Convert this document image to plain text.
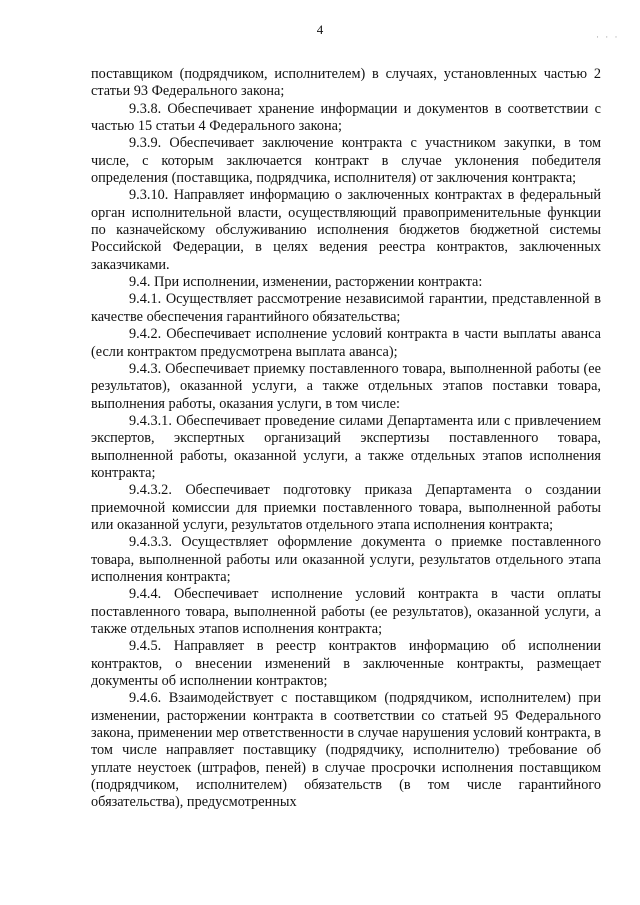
4	· · ·

поставщиком (подрядчиком, исполнителем) в случаях, установленных частью 2 статьи 93 Федерального закона;

9.3.8. Обеспечивает хранение информации и документов в соответствии с частью 15 статьи 4 Федерального закона;

9.3.9. Обеспечивает заключение контракта с участником закупки, в том числе, с которым заключается контракт в случае уклонения победителя определения (поставщика, подрядчика, исполнителя) от заключения контракта;

9.3.10. Направляет информацию о заключенных контрактах в федеральный орган исполнительной власти, осуществляющий правоприменительные функции по казначейскому обслуживанию исполнения бюджетов бюджетной системы Российской Федерации, в целях ведения реестра контрактов, заключенных заказчиками.

9.4. При исполнении, изменении, расторжении контракта:

9.4.1. Осуществляет рассмотрение независимой гарантии, представленной в качестве обеспечения гарантийного обязательства;

9.4.2. Обеспечивает исполнение условий контракта в части выплаты аванса (если контрактом предусмотрена выплата аванса);

9.4.3. Обеспечивает приемку поставленного товара, выполненной работы (ее результатов), оказанной услуги, а также отдельных этапов поставки товара, выполнения работы, оказания услуги, в том числе:

9.4.3.1. Обеспечивает проведение силами Департамента или с привлечением экспертов, экспертных организаций экспертизы поставленного товара, выполненной работы, оказанной услуги, а также отдельных этапов исполнения контракта;

9.4.3.2. Обеспечивает подготовку приказа Департамента о создании приемочной комиссии для приемки поставленного товара, выполненной работы или оказанной услуги, результатов отдельного этапа исполнения контракта;

9.4.3.3. Осуществляет оформление документа о приемке поставленного товара, выполненной работы или оказанной услуги, результатов отдельного этапа исполнения контракта;

9.4.4. Обеспечивает исполнение условий контракта в части оплаты поставленного товара, выполненной работы (ее результатов), оказанной услуги, а также отдельных этапов исполнения контракта;

9.4.5. Направляет в реестр контрактов информацию об исполнении контрактов, о внесении изменений в заключенные контракты, размещает документы об исполнении контрактов;

9.4.6. Взаимодействует с поставщиком (подрядчиком, исполнителем) при изменении, расторжении контракта в соответствии со статьей 95 Федерального закона, применении мер ответственности в случае нарушения условий контракта, в том числе направляет поставщику (подрядчику, исполнителю) требование об уплате неустоек (штрафов, пеней) в случае просрочки исполнения поставщиком (подрядчиком, исполнителем) обязательств (в том числе гарантийного обязательства), предусмотренных
